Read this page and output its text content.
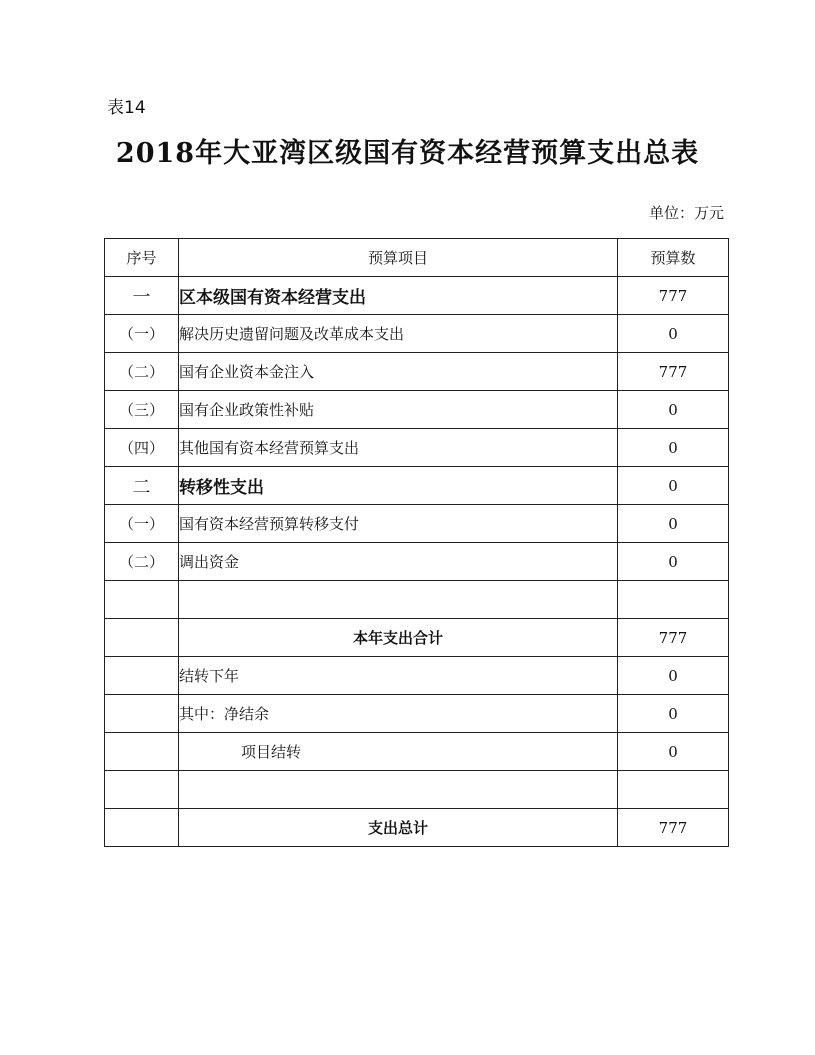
表14
2018年大亚湾区级国有资本经营预算支出总表
单位：万元
序号	预算项目	预算数
一	区本级国有资本经营支出	777
（一）	解决历史遗留问题及改革成本支出	0
（二）	国有企业资本金注入	777
（三）	国有企业政策性补贴	0
（四）	其他国有资本经营预算支出	0
二	转移性支出	0
（一）	国有资本经营预算转移支付	0
（二）	调出资金	0

	本年支出合计	777
	结转下年	0
	其中：净结余	0
	项目结转	0

	支出总计	777
